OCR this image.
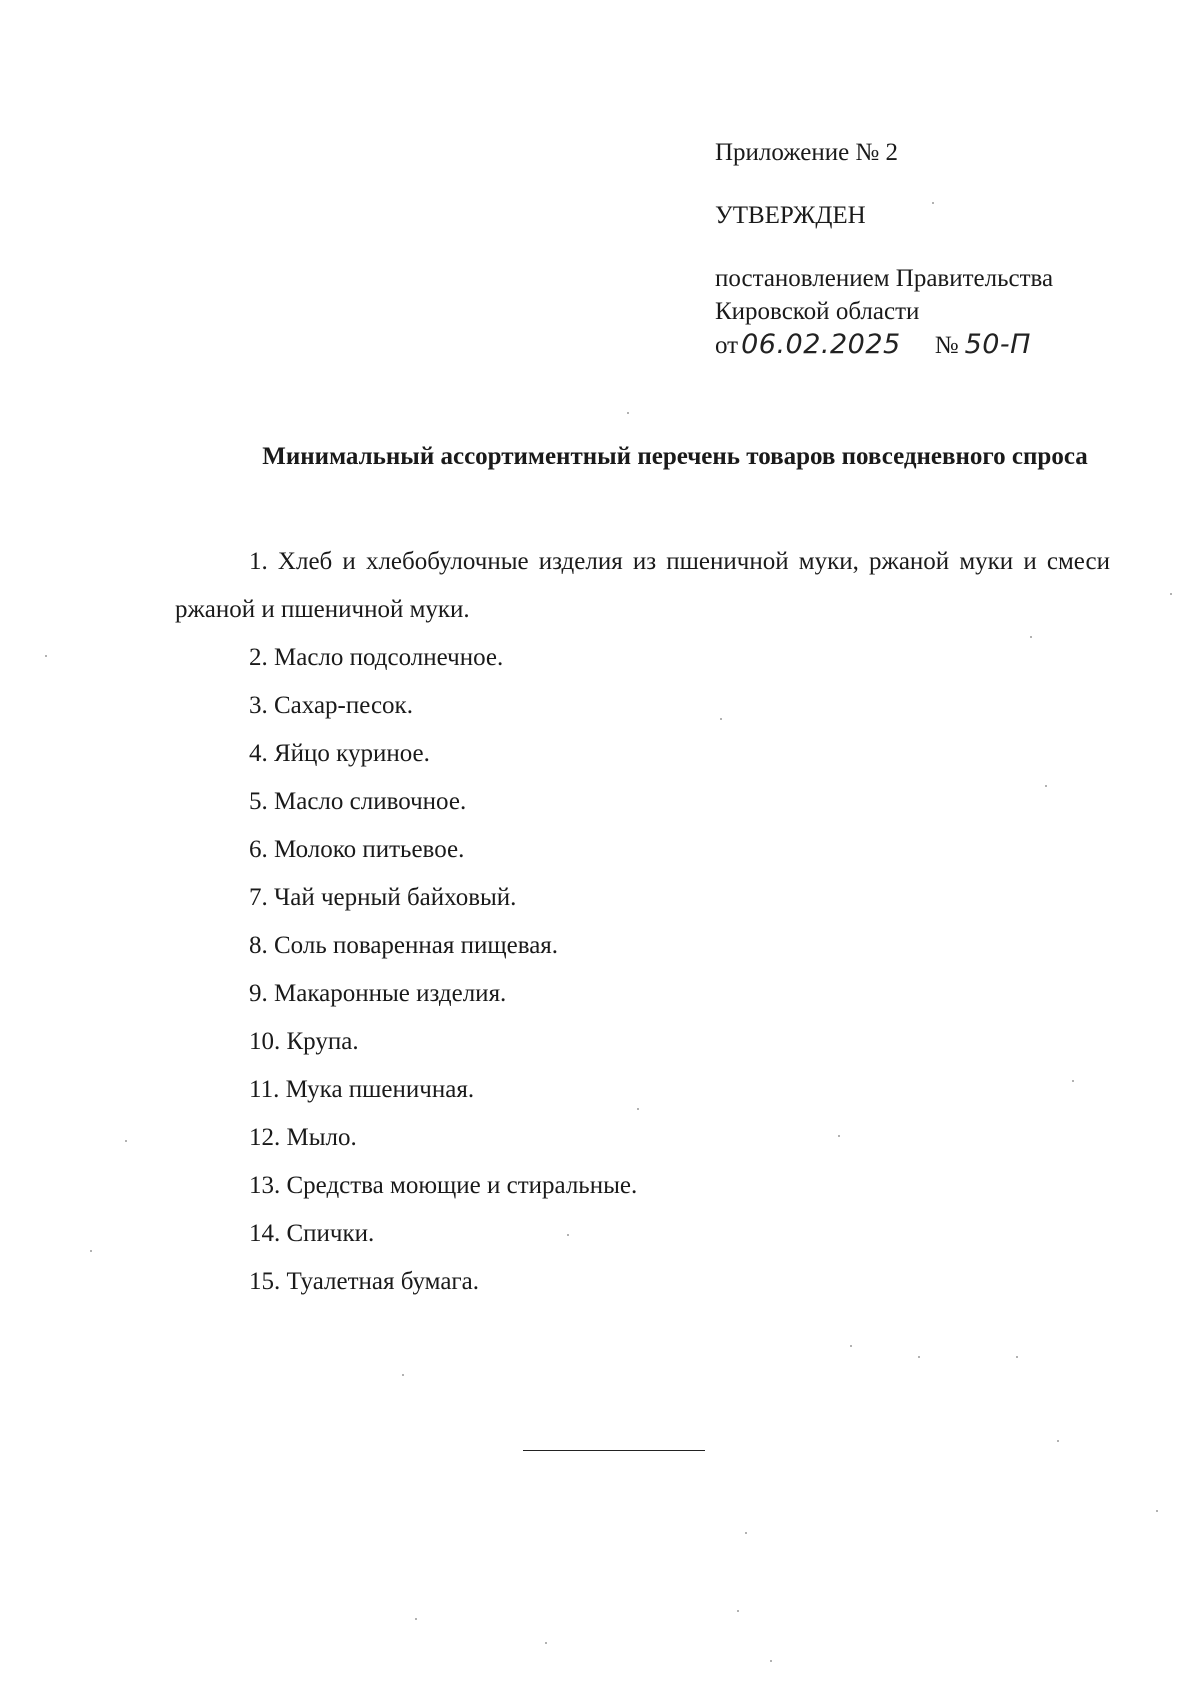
Приложение № 2

УТВЕРЖДЕН

постановлением Правительства
Кировской области
от 06.02.2025 № 50-П
Минимальный ассортиментный перечень товаров повседневного спроса

1. Хлеб и хлебобулочные изделия из пшеничной муки, ржаной муки и смеси ржаной и пшеничной муки.

2. Масло подсолнечное.

3. Сахар-песок.

4. Яйцо куриное.

5. Масло сливочное.

6. Молоко питьевое.

7. Чай черный байховый.

8. Соль поваренная пищевая.

9. Макаронные изделия.

10. Крупа.

11. Мука пшеничная.

12. Мыло.

13. Средства моющие и стиральные.

14. Спички.

15. Туалетная бумага.
